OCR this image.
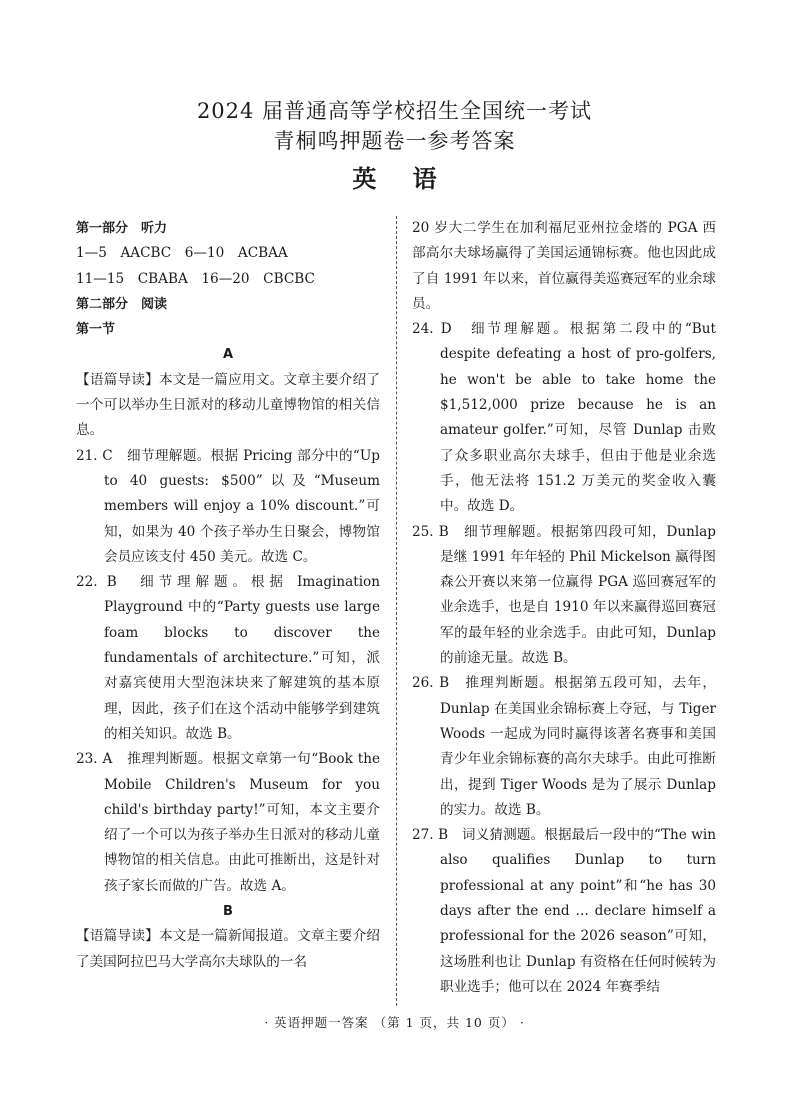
2024 届普通高等学校招生全国统一考试
青桐鸣押题卷一参考答案
英 语
第一部分　听力
1—5　AACBC　6—10　ACBAA
11—15　CBABA　16—20　CBCBC
第二部分　阅读
第一节
A
【语篇导读】本文是一篇应用文。文章主要介绍了一个可以举办生日派对的移动儿童博物馆的相关信息。
21. C　细节理解题。根据 Pricing 部分中的“Up to 40 guests: $500”以及“Museum members will enjoy a 10% discount.”可知，如果为 40 个孩子举办生日聚会，博物馆会员应该支付 450 美元。故选 C。
22. B　细节理解题。根据 Imagination Playground 中的“Party guests use large foam blocks to discover the fundamentals of architecture.”可知，派对嘉宾使用大型泡沫块来了解建筑的基本原理，因此，孩子们在这个活动中能够学到建筑的相关知识。故选 B。
23. A　推理判断题。根据文章第一句“Book the Mobile Children's Museum for you child's birthday party!”可知，本文主要介绍了一个可以为孩子举办生日派对的移动儿童博物馆的相关信息。由此可推断出，这是针对孩子家长而做的广告。故选 A。
B
【语篇导读】本文是一篇新闻报道。文章主要介绍了美国阿拉巴马大学高尔夫球队的一名
20 岁大二学生在加利福尼亚州拉金塔的 PGA 西部高尔夫球场赢得了美国运通锦标赛。他也因此成了自 1991 年以来，首位赢得美巡赛冠军的业余球员。
24. D　细节理解题。根据第二段中的“But despite defeating a host of pro-golfers, he won't be able to take home the $1,512,000 prize because he is an amateur golfer.”可知，尽管 Dunlap 击败了众多职业高尔夫球手，但由于他是业余选手，他无法将 151.2 万美元的奖金收入囊中。故选 D。
25. B　细节理解题。根据第四段可知，Dunlap 是继 1991 年年轻的 Phil Mickelson 赢得图森公开赛以来第一位赢得 PGA 巡回赛冠军的业余选手，也是自 1910 年以来赢得巡回赛冠军的最年轻的业余选手。由此可知，Dunlap 的前途无量。故选 B。
26. B　推理判断题。根据第五段可知，去年，Dunlap 在美国业余锦标赛上夺冠，与 Tiger Woods 一起成为同时赢得该著名赛事和美国青少年业余锦标赛的高尔夫球手。由此可推断出，提到 Tiger Woods 是为了展示 Dunlap 的实力。故选 B。
27. B　词义猜测题。根据最后一段中的“The win also qualifies Dunlap to turn professional at any point”和“he has 30 days after the end … declare himself a professional for the 2026 season”可知，这场胜利也让 Dunlap 有资格在任何时候转为职业选手；他可以在 2024 年赛季结
· 英语押题一答案 （第 1 页，共 10 页） ·
